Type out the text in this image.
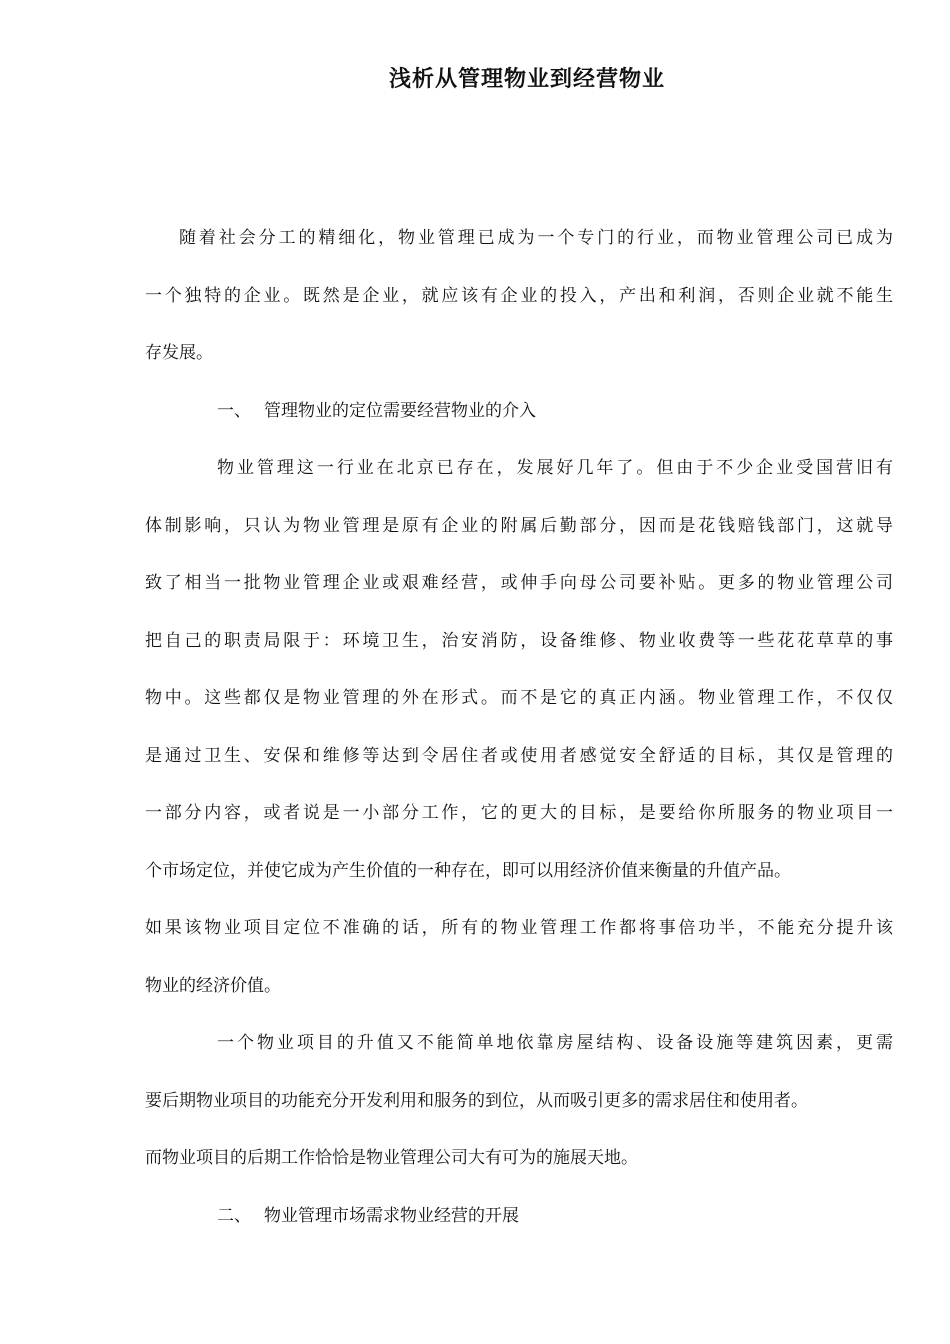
浅析从管理物业到经营物业
随着社会分工的精细化，物业管理已成为一个专门的行业，而物业管理公司已成为
一个独特的企业。既然是企业，就应该有企业的投入，产出和利润，否则企业就不能生
存发展。
一、 管理物业的定位需要经营物业的介入
物业管理这一行业在北京已存在，发展好几年了。但由于不少企业受国营旧有
体制影响，只认为物业管理是原有企业的附属后勤部分，因而是花钱赔钱部门，这就导
致了相当一批物业管理企业或艰难经营，或伸手向母公司要补贴。更多的物业管理公司
把自己的职责局限于：环境卫生，治安消防，设备维修、物业收费等一些花花草草的事
物中。这些都仅是物业管理的外在形式。而不是它的真正内涵。物业管理工作，不仅仅
是通过卫生、安保和维修等达到令居住者或使用者感觉安全舒适的目标，其仅是管理的
一部分内容，或者说是一小部分工作，它的更大的目标，是要给你所服务的物业项目一
个市场定位，并使它成为产生价值的一种存在，即可以用经济价值来衡量的升值产品。
如果该物业项目定位不准确的话，所有的物业管理工作都将事倍功半，不能充分提升该
物业的经济价值。
一个物业项目的升值又不能简单地依靠房屋结构、设备设施等建筑因素，更需
要后期物业项目的功能充分开发利用和服务的到位，从而吸引更多的需求居住和使用者。
而物业项目的后期工作恰恰是物业管理公司大有可为的施展天地。
二、 物业管理市场需求物业经营的开展
